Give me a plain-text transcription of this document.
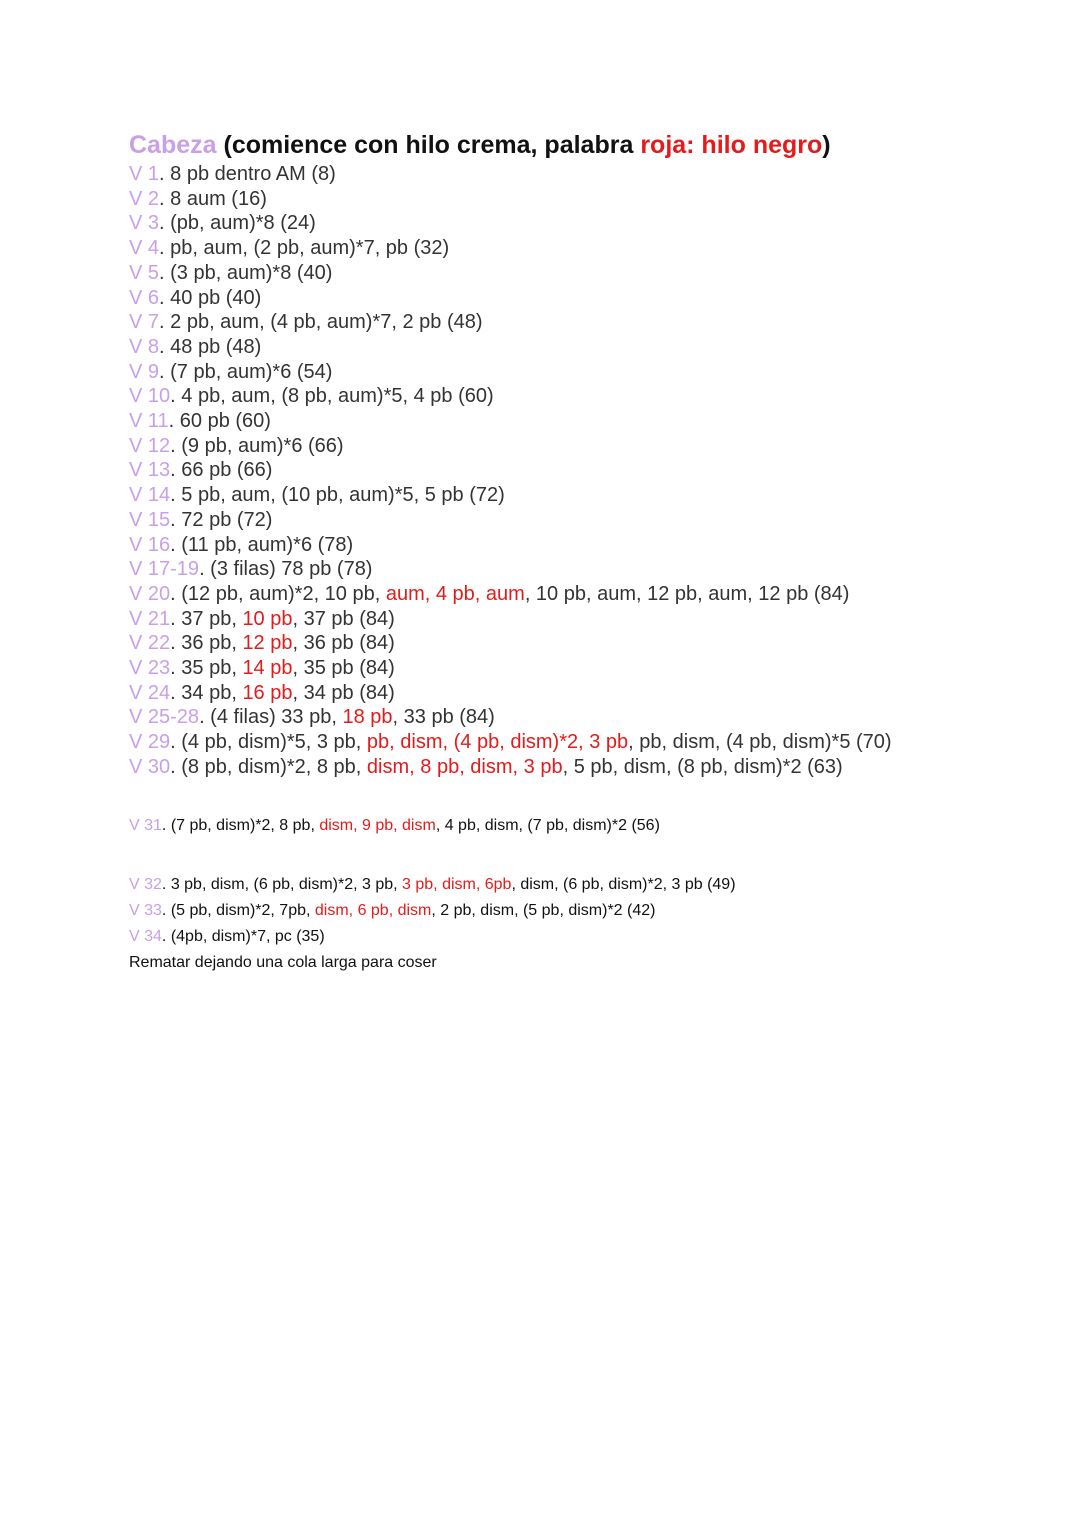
Cabeza (comience con hilo crema, palabra roja: hilo negro)
V 1. 8 pb dentro AM (8)
V 2. 8 aum (16)
V 3. (pb, aum)*8 (24)
V 4. pb, aum, (2 pb, aum)*7, pb (32)
V 5. (3 pb, aum)*8 (40)
V 6. 40 pb (40)
V 7. 2 pb, aum, (4 pb, aum)*7, 2 pb (48)
V 8. 48 pb (48)
V 9. (7 pb, aum)*6 (54)
V 10. 4 pb, aum, (8 pb, aum)*5, 4 pb (60)
V 11. 60 pb (60)
V 12. (9 pb, aum)*6 (66)
V 13. 66 pb (66)
V 14. 5 pb, aum, (10 pb, aum)*5, 5 pb (72)
V 15. 72 pb (72)
V 16. (11 pb, aum)*6 (78)
V 17-19. (3 filas) 78 pb (78)
V 20. (12 pb, aum)*2, 10 pb, aum, 4 pb, aum, 10 pb, aum, 12 pb, aum, 12 pb (84)
V 21. 37 pb, 10 pb, 37 pb (84)
V 22. 36 pb, 12 pb, 36 pb (84)
V 23. 35 pb, 14 pb, 35 pb (84)
V 24. 34 pb, 16 pb, 34 pb (84)
V 25-28. (4 filas) 33 pb, 18 pb, 33 pb (84)
V 29. (4 pb, dism)*5, 3 pb, pb, dism, (4 pb, dism)*2, 3 pb, pb, dism, (4 pb, dism)*5 (70)
V 30. (8 pb, dism)*2, 8 pb, dism, 8 pb, dism, 3 pb, 5 pb, dism, (8 pb, dism)*2 (63)
V 31. (7 pb, dism)*2, 8 pb, dism, 9 pb, dism, 4 pb, dism, (7 pb, dism)*2 (56)
V 32. 3 pb, dism, (6 pb, dism)*2, 3 pb, 3 pb, dism, 6pb, dism, (6 pb, dism)*2, 3 pb (49)
V 33. (5 pb, dism)*2, 7pb, dism, 6 pb, dism, 2 pb, dism, (5 pb, dism)*2 (42)
V 34. (4pb, dism)*7, pc (35)
Rematar dejando una cola larga para coser
